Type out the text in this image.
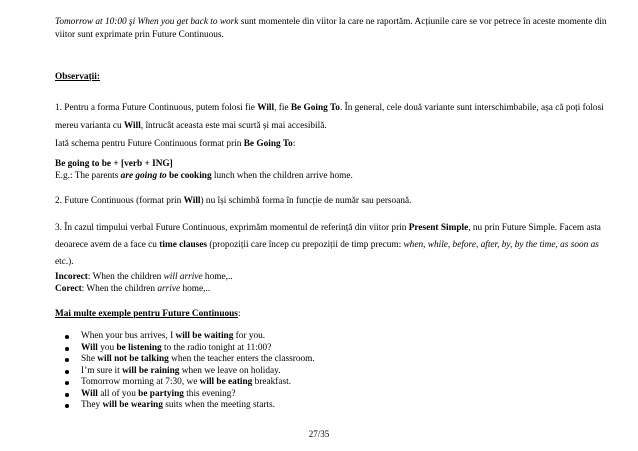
Tomorrow at 10:00 şi When you get back to work sunt momentele din viitor la care ne raportăm. Acțiunile care se vor petrece în aceste momente din viitor sunt exprimate prin Future Continuous.
Observații:
1. Pentru a forma Future Continuous, putem folosi fie Will, fie Be Going To. În general, cele două variante sunt interschimbabile, așa că poți folosi mereu varianta cu Will, întrucât aceasta este mai scurtă și mai accesibilă.
Iată schema pentru Future Continuous format prin Be Going To:
Be going to be + [verb + ING]
E.g.: The parents are going to be cooking lunch when the children arrive home.
2. Future Continuous (format prin Will) nu își schimbă forma în funcție de număr sau persoană.
3. În cazul timpului verbal Future Continuous, exprimăm momentul de referință din viitor prin Present Simple, nu prin Future Simple. Facem asta deoarece avem de a face cu time clauses (propoziții care încep cu prepoziții de timp precum: when, while, before, after, by, by the time, as soon as etc.).
Incorect: When the children will arrive home,..
Corect: When the children arrive home,..
Mai multe exemple pentru Future Continuous:
When your bus arrives, I will be waiting for you.
Will you be listening to the radio tonight at 11:00?
She will not be talking when the teacher enters the classroom.
I’m sure it will be raining when we leave on holiday.
Tomorrow morning at 7:30, we will be eating breakfast.
Will all of you be partying this evening?
They will be wearing suits when the meeting starts.
27/35
